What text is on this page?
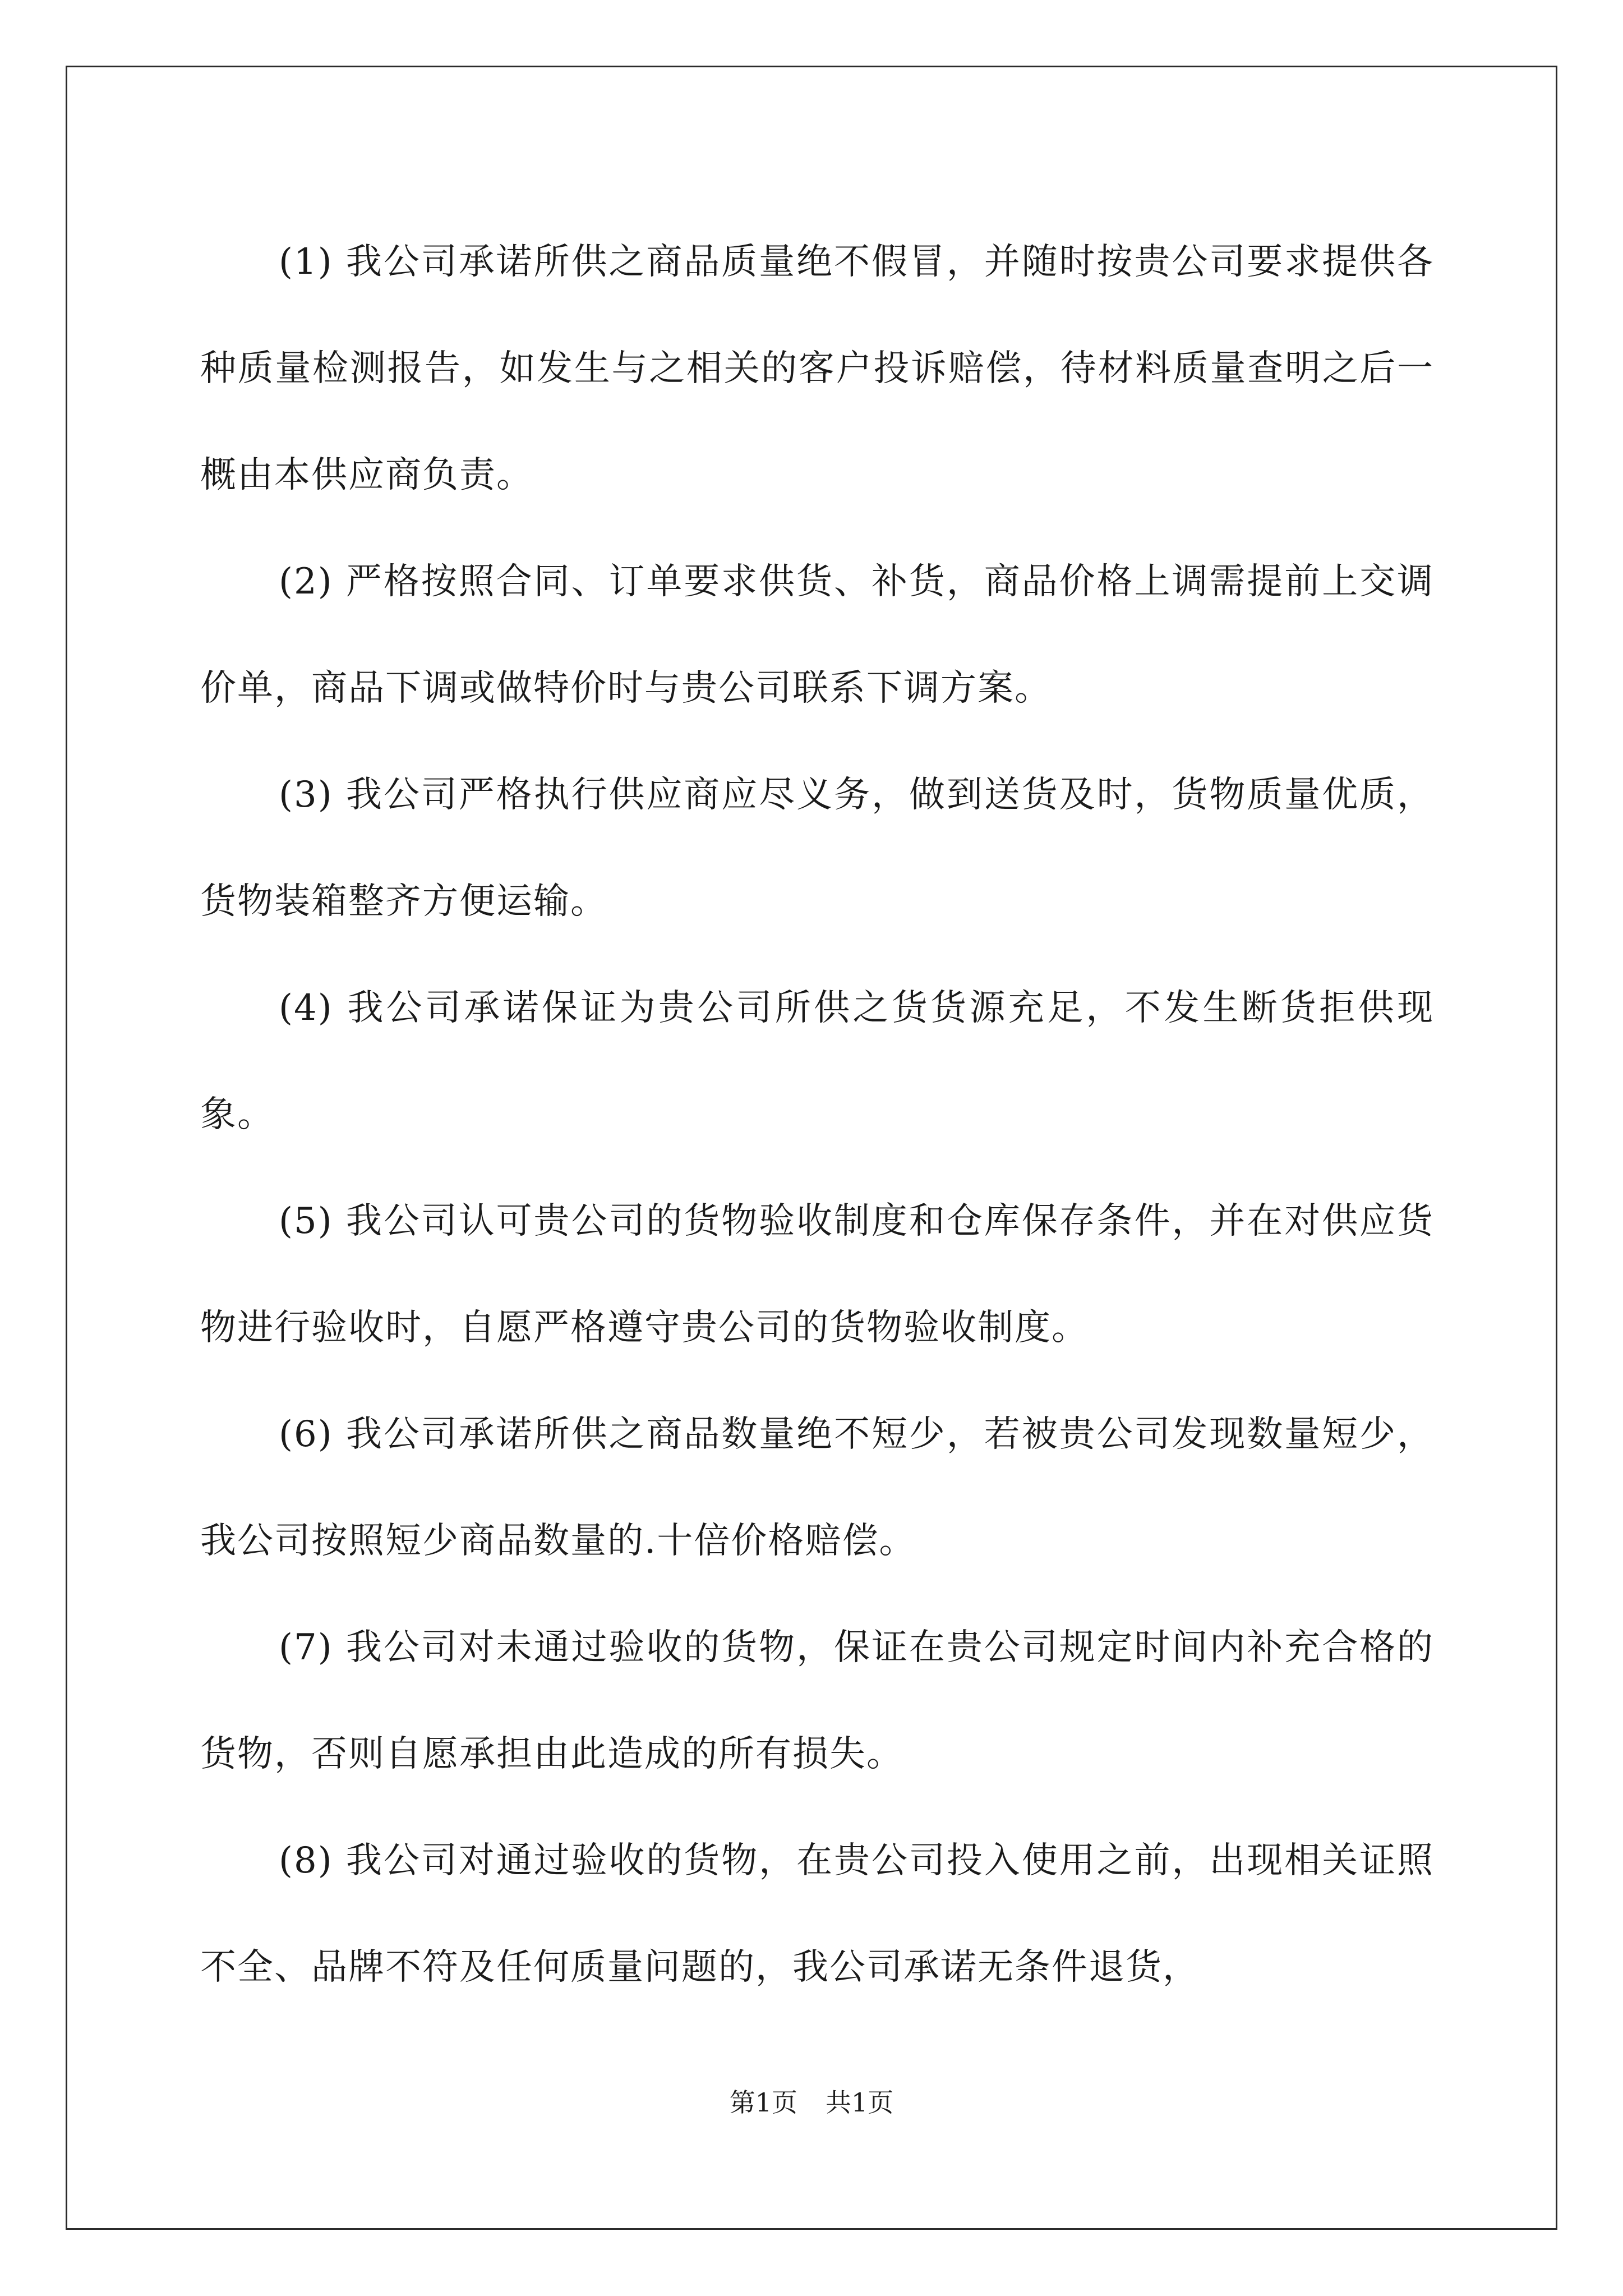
(1) 我公司承诺所供之商品质量绝不假冒，并随时按贵公司要求提供各种质量检测报告，如发生与之相关的客户投诉赔偿，待材料质量查明之后一概由本供应商负责。

(2) 严格按照合同、订单要求供货、补货，商品价格上调需提前上交调价单，商品下调或做特价时与贵公司联系下调方案。

(3) 我公司严格执行供应商应尽义务，做到送货及时，货物质量优质，货物装箱整齐方便运输。

(4) 我公司承诺保证为贵公司所供之货货源充足，不发生断货拒供现象。

(5) 我公司认可贵公司的货物验收制度和仓库保存条件，并在对供应货物进行验收时，自愿严格遵守贵公司的货物验收制度。

(6) 我公司承诺所供之商品数量绝不短少，若被贵公司发现数量短少，我公司按照短少商品数量的.十倍价格赔偿。

(7) 我公司对未通过验收的货物，保证在贵公司规定时间内补充合格的货物，否则自愿承担由此造成的所有损失。

(8) 我公司对通过验收的货物，在贵公司投入使用之前，出现相关证照不全、品牌不符及任何质量问题的，我公司承诺无条件退货，

第1页 共1页
